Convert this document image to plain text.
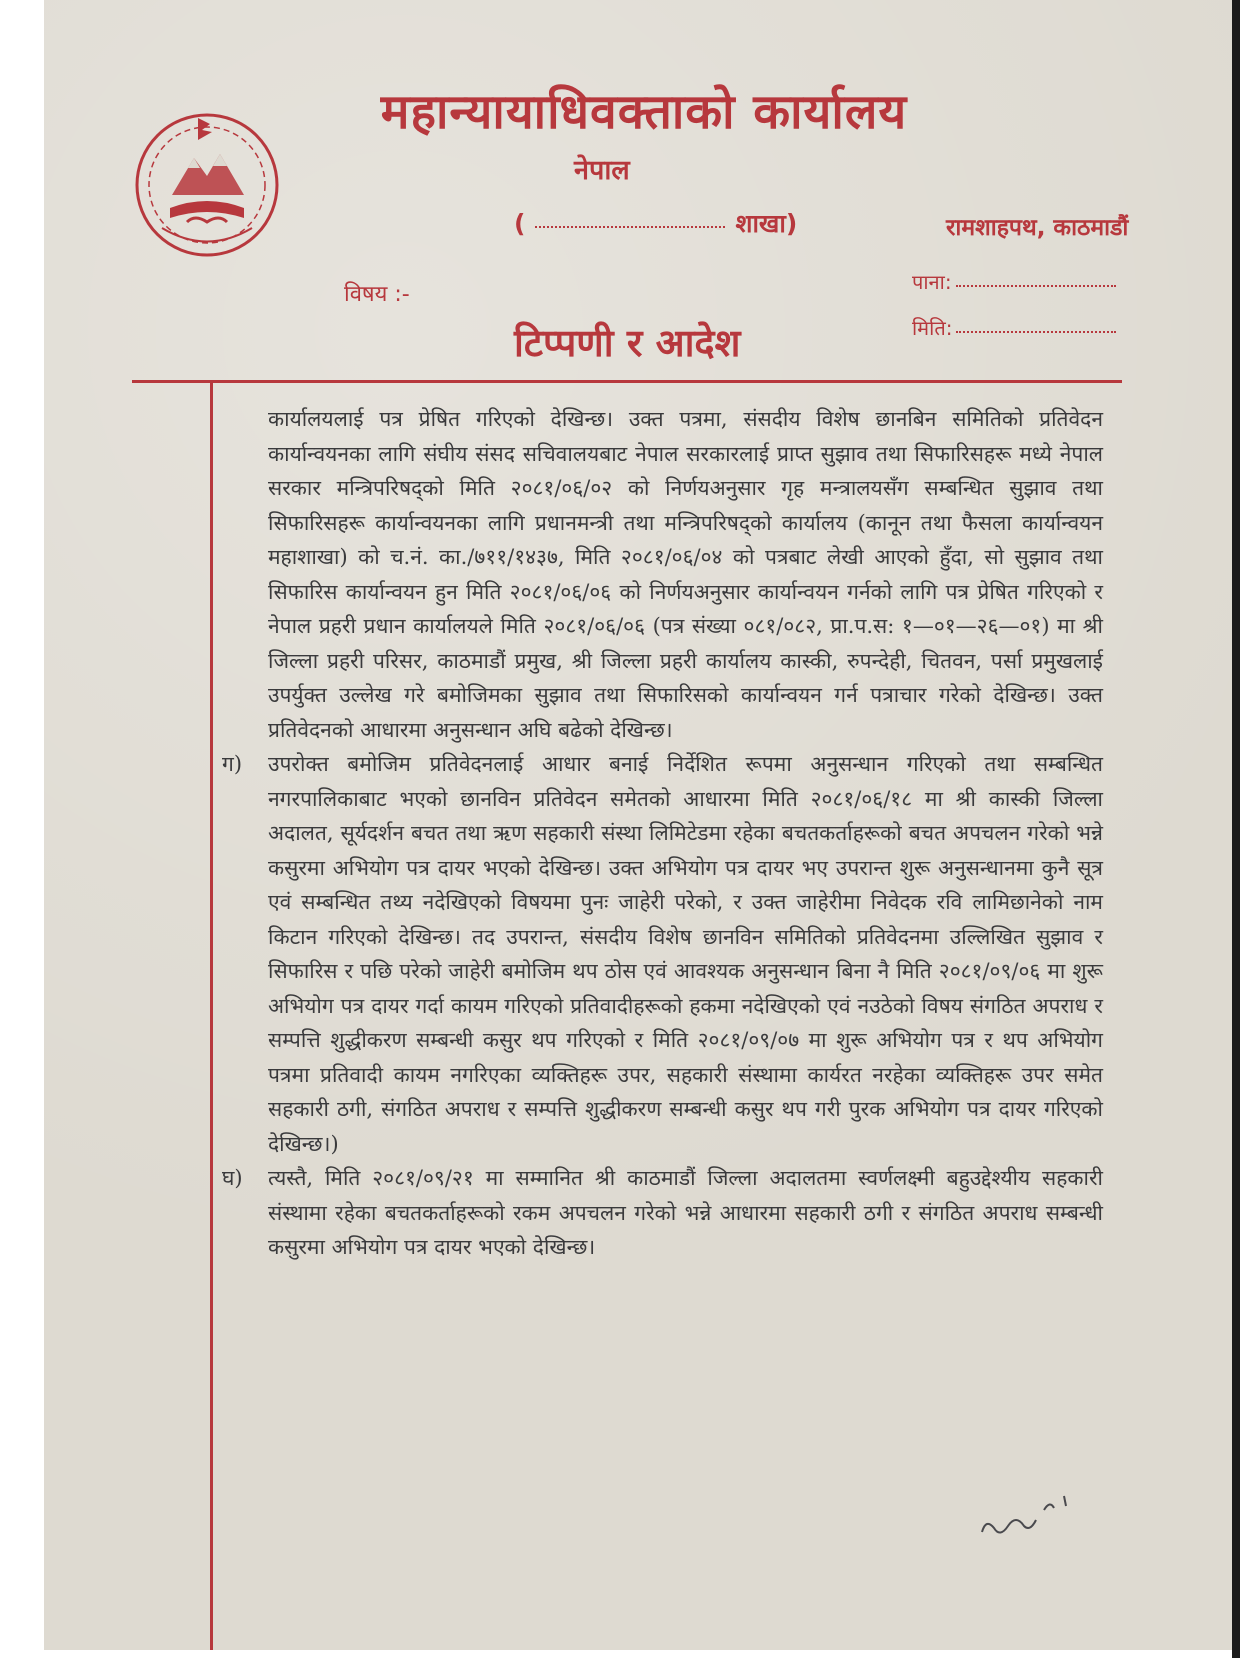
महान्यायाधिवक्ताको कार्यालय
नेपाल
(	शाखा)	रामशाहपथ, काठमाडौं
विषय :-	पाना:
मिति:
टिप्पणी र आदेश

कार्यालयलाई पत्र प्रेषित गरिएको देखिन्छ। उक्त पत्रमा, संसदीय विशेष छानबिन समितिको प्रतिवेदन कार्यान्वयनका लागि संघीय संसद सचिवालयबाट नेपाल सरकारलाई प्राप्त सुझाव तथा सिफारिसहरू मध्ये नेपाल सरकार मन्त्रिपरिषद्को मिति २०८१/०६/०२ को निर्णयअनुसार गृह मन्त्रालयसँग सम्बन्धित सुझाव तथा सिफारिसहरू कार्यान्वयनका लागि प्रधानमन्त्री तथा मन्त्रिपरिषद्को कार्यालय (कानून तथा फैसला कार्यान्वयन महाशाखा) को च.नं. का./७११/१४३७, मिति २०८१/०६/०४ को पत्रबाट लेखी आएको हुँदा, सो सुझाव तथा सिफारिस कार्यान्वयन हुन मिति २०८१/०६/०६ को निर्णयअनुसार कार्यान्वयन गर्नको लागि पत्र प्रेषित गरिएको र नेपाल प्रहरी प्रधान कार्यालयले मिति २०८१/०६/०६ (पत्र संख्या ०८१/०८२, प्रा.प.स: १—०१—२६—०१) मा श्री जिल्ला प्रहरी परिसर, काठमाडौं प्रमुख, श्री जिल्ला प्रहरी कार्यालय कास्की, रुपन्देही, चितवन, पर्सा प्रमुखलाई उपर्युक्त उल्लेख गरे बमोजिमका सुझाव तथा सिफारिसको कार्यान्वयन गर्न पत्राचार गरेको देखिन्छ। उक्त प्रतिवेदनको आधारमा अनुसन्धान अघि बढेको देखिन्छ।

ग) उपरोक्त बमोजिम प्रतिवेदनलाई आधार बनाई निर्देशित रूपमा अनुसन्धान गरिएको तथा सम्बन्धित नगरपालिकाबाट भएको छानविन प्रतिवेदन समेतको आधारमा मिति २०८१/०६/१८ मा श्री कास्की जिल्ला अदालत, सूर्यदर्शन बचत तथा ऋण सहकारी संस्था लिमिटेडमा रहेका बचतकर्ताहरूको बचत अपचलन गरेको भन्ने कसुरमा अभियोग पत्र दायर भएको देखिन्छ। उक्त अभियोग पत्र दायर भए उपरान्त शुरू अनुसन्धानमा कुनै सूत्र एवं सम्बन्धित तथ्य नदेखिएको विषयमा पुनः जाहेरी परेको, र उक्त जाहेरीमा निवेदक रवि लामिछानेको नाम किटान गरिएको देखिन्छ। तद उपरान्त, संसदीय विशेष छानविन समितिको प्रतिवेदनमा उल्लिखित सुझाव र सिफारिस र पछि परेको जाहेरी बमोजिम थप ठोस एवं आवश्यक अनुसन्धान बिना नै मिति २०८१/०९/०६ मा शुरू अभियोग पत्र दायर गर्दा कायम गरिएको प्रतिवादीहरूको हकमा नदेखिएको एवं नउठेको विषय संगठित अपराध र सम्पत्ति शुद्धीकरण सम्बन्धी कसुर थप गरिएको र मिति २०८१/०९/०७ मा शुरू अभियोग पत्र र थप अभियोग पत्रमा प्रतिवादी कायम नगरिएका व्यक्तिहरू उपर, सहकारी संस्थामा कार्यरत नरहेका व्यक्तिहरू उपर समेत सहकारी ठगी, संगठित अपराध र सम्पत्ति शुद्धीकरण सम्बन्धी कसुर थप गरी पुरक अभियोग पत्र दायर गरिएको देखिन्छ।)

घ) त्यस्तै, मिति २०८१/०९/२१ मा सम्मानित श्री काठमाडौं जिल्ला अदालतमा स्वर्णलक्ष्मी बहुउद्देश्यीय सहकारी संस्थामा रहेका बचतकर्ताहरूको रकम अपचलन गरेको भन्ने आधारमा सहकारी ठगी र संगठित अपराध सम्बन्धी कसुरमा अभियोग पत्र दायर भएको देखिन्छ।
